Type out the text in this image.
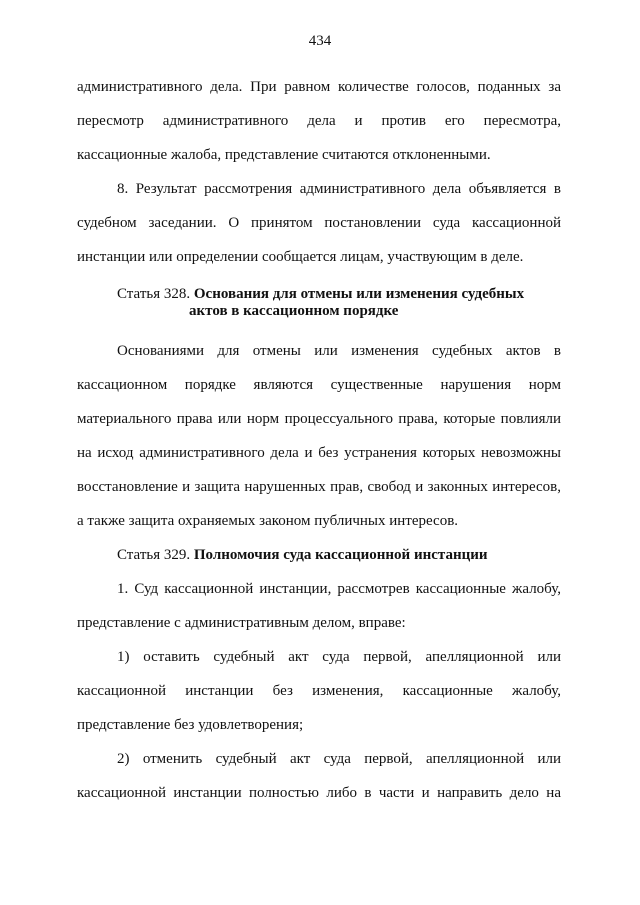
434
административного дела. При равном количестве голосов, поданных за
пересмотр административного дела и против его пересмотра,
кассационные жалоба, представление считаются отклоненными.
8. Результат рассмотрения административного дела объявляется в
судебном заседании. О принятом постановлении суда кассационной
инстанции или определении сообщается лицам, участвующим в деле.
Статья 328. Основания для отмены или изменения судебных
актов в кассационном порядке
Основаниями для отмены или изменения судебных актов в
кассационном порядке являются существенные нарушения норм
материального права или норм процессуального права, которые повлияли
на исход административного дела и без устранения которых невозможны
восстановление и защита нарушенных прав, свобод и законных интересов,
а также защита охраняемых законом публичных интересов.
Статья 329. Полномочия суда кассационной инстанции
1. Суд кассационной инстанции, рассмотрев кассационные жалобу,
представление с административным делом, вправе:
1) оставить судебный акт суда первой, апелляционной или
кассационной инстанции без изменения, кассационные жалобу,
представление без удовлетворения;
2) отменить судебный акт суда первой, апелляционной или
кассационной инстанции полностью либо в части и направить дело на
